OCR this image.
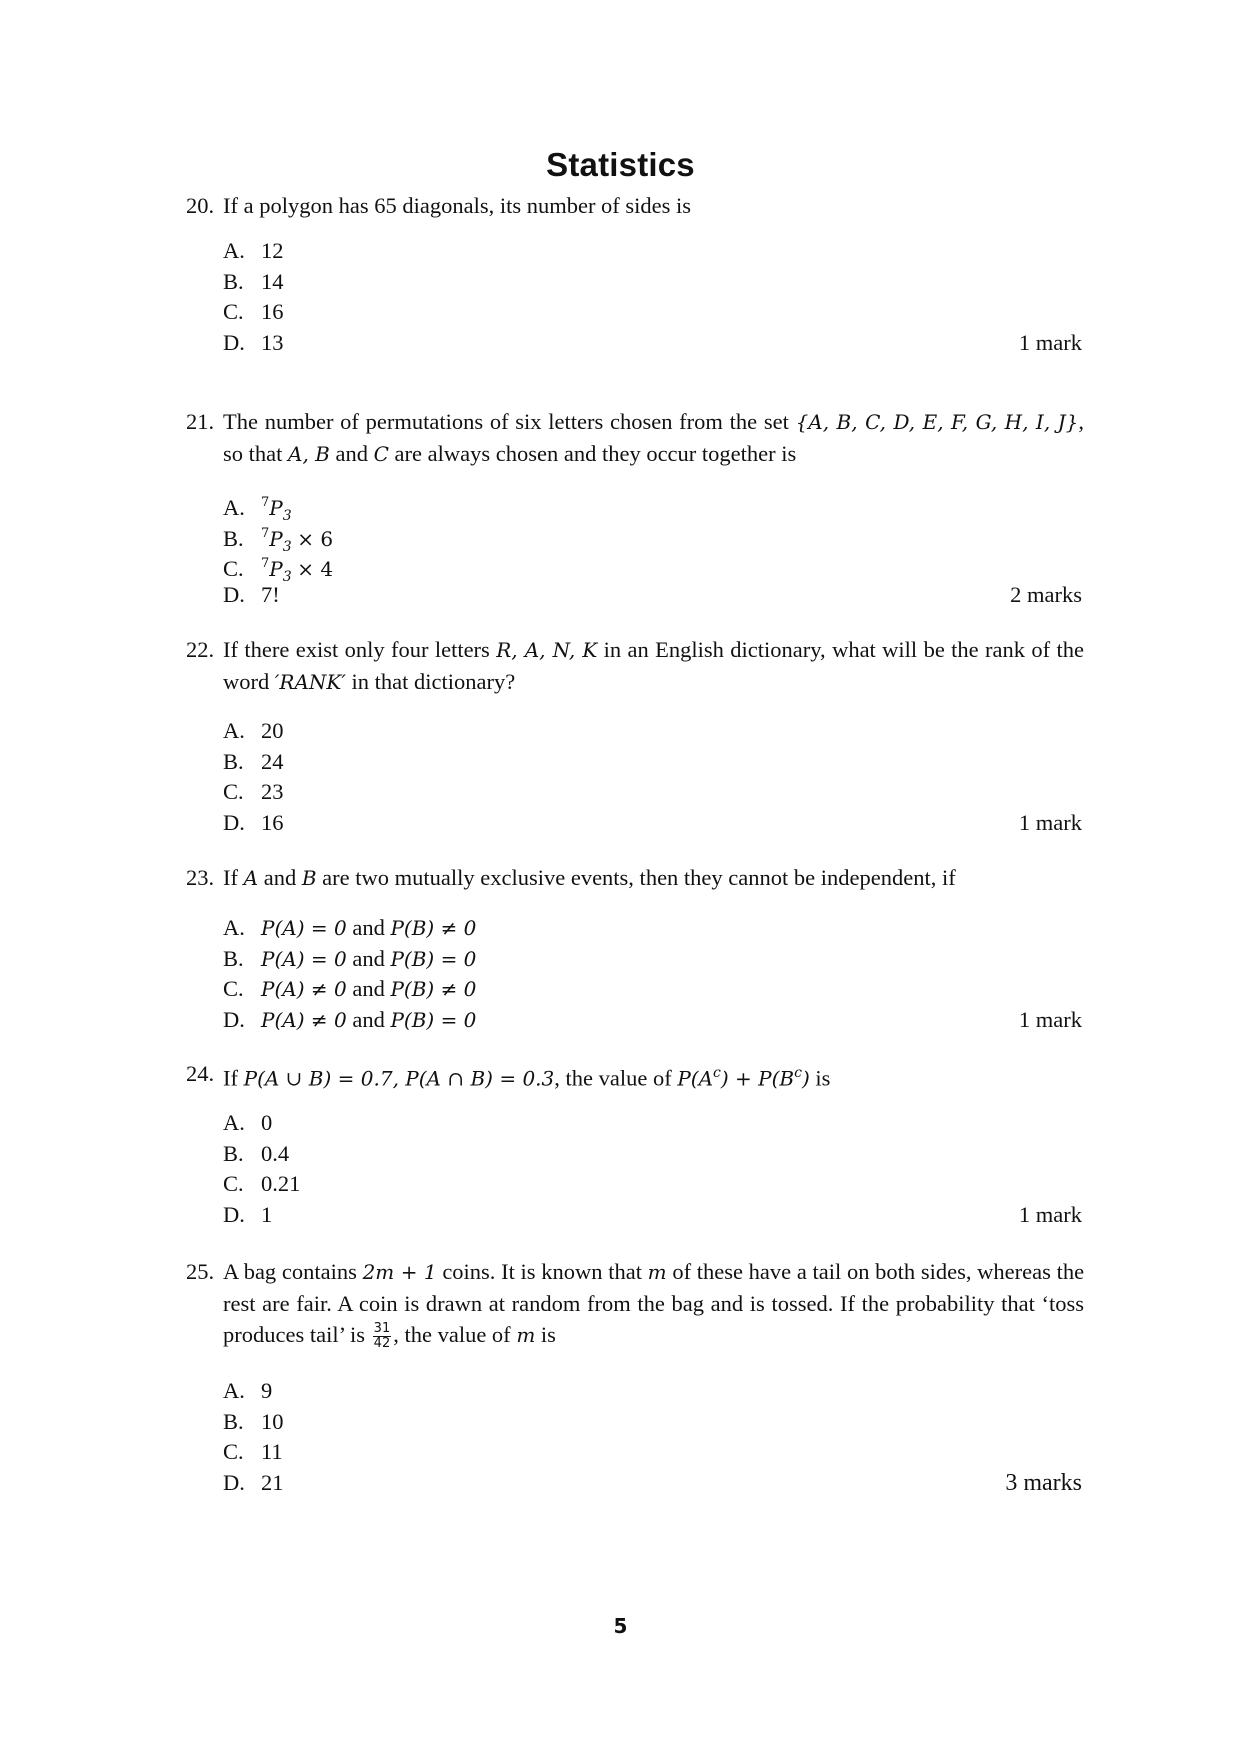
Statistics
20. If a polygon has 65 diagonals, its number of sides is
A. 12
B. 14
C. 16
D. 13	1 mark
21. The number of permutations of six letters chosen from the set {A, B, C, D, E, F, G, H, I, J}, so that A, B and C are always chosen and they occur together is
A. $^7P_3$
B. $^7P_3 \times 6$
C. $^7P_3 \times 4$
D. 7!	2 marks
22. If there exist only four letters R, A, N, K in an English dictionary, what will be the rank of the word ′RANK′ in that dictionary?
A. 20
B. 24
C. 23
D. 16	1 mark
23. If A and B are two mutually exclusive events, then they cannot be independent, if
A. P(A) = 0 and P(B) ≠ 0
B. P(A) = 0 and P(B) = 0
C. P(A) ≠ 0 and P(B) ≠ 0
D. P(A) ≠ 0 and P(B) = 0	1 mark
24. If P(A ∪ B) = 0.7, P(A ∩ B) = 0.3, the value of $P(A^c) + P(B^c)$ is
A. 0
B. 0.4
C. 0.21
D. 1	1 mark
25. A bag contains 2m + 1 coins. It is known that m of these have a tail on both sides, whereas the rest are fair. A coin is drawn at random from the bag and is tossed. If the probability that ‘toss produces tail’ is $\frac{31}{42}$ , the value of m is
A. 9
B. 10
C. 11
D. 21	3 marks
5
